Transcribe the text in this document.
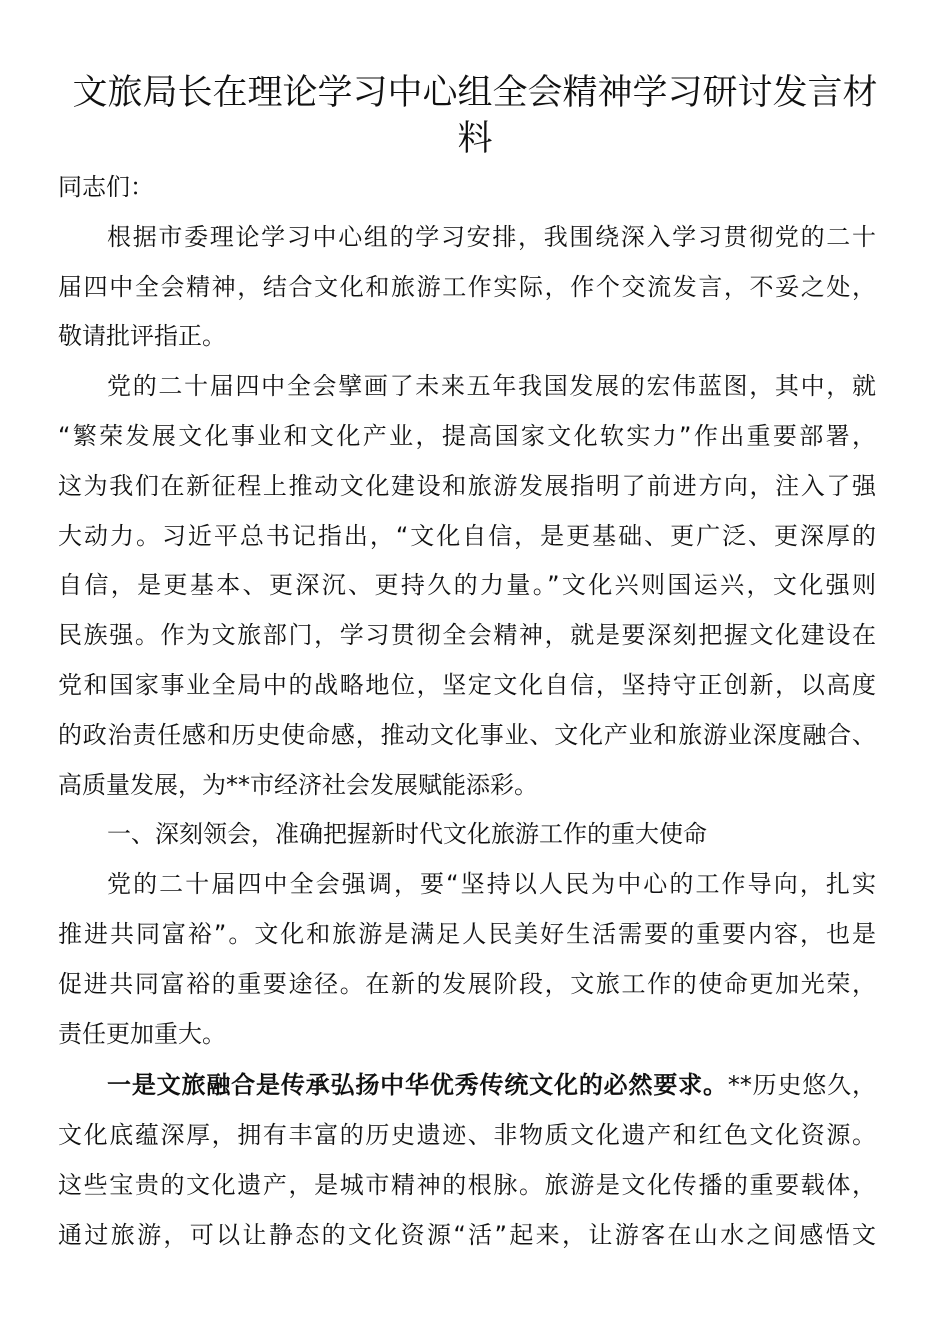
文旅局长在理论学习中心组全会精神学习研讨发言材
料
同志们：
根据市委理论学习中心组的学习安排，我围绕深入学习贯彻党的二十
届四中全会精神，结合文化和旅游工作实际，作个交流发言，不妥之处，
敬请批评指正。
党的二十届四中全会擘画了未来五年我国发展的宏伟蓝图，其中，就
“繁荣发展文化事业和文化产业，提高国家文化软实力”作出重要部署，
这为我们在新征程上推动文化建设和旅游发展指明了前进方向，注入了强
大动力。习近平总书记指出，“文化自信，是更基础、更广泛、更深厚的
自信，是更基本、更深沉、更持久的力量。”文化兴则国运兴，文化强则
民族强。作为文旅部门，学习贯彻全会精神，就是要深刻把握文化建设在
党和国家事业全局中的战略地位，坚定文化自信，坚持守正创新，以高度
的政治责任感和历史使命感，推动文化事业、文化产业和旅游业深度融合、
高质量发展，为**市经济社会发展赋能添彩。
一、深刻领会，准确把握新时代文化旅游工作的重大使命
党的二十届四中全会强调，要“坚持以人民为中心的工作导向，扎实
推进共同富裕”。文化和旅游是满足人民美好生活需要的重要内容，也是
促进共同富裕的重要途径。在新的发展阶段，文旅工作的使命更加光荣，
责任更加重大。
一是文旅融合是传承弘扬中华优秀传统文化的必然要求。**历史悠久，
文化底蕴深厚，拥有丰富的历史遗迹、非物质文化遗产和红色文化资源。
这些宝贵的文化遗产，是城市精神的根脉。旅游是文化传播的重要载体，
通过旅游，可以让静态的文化资源“活”起来，让游客在山水之间感悟文
